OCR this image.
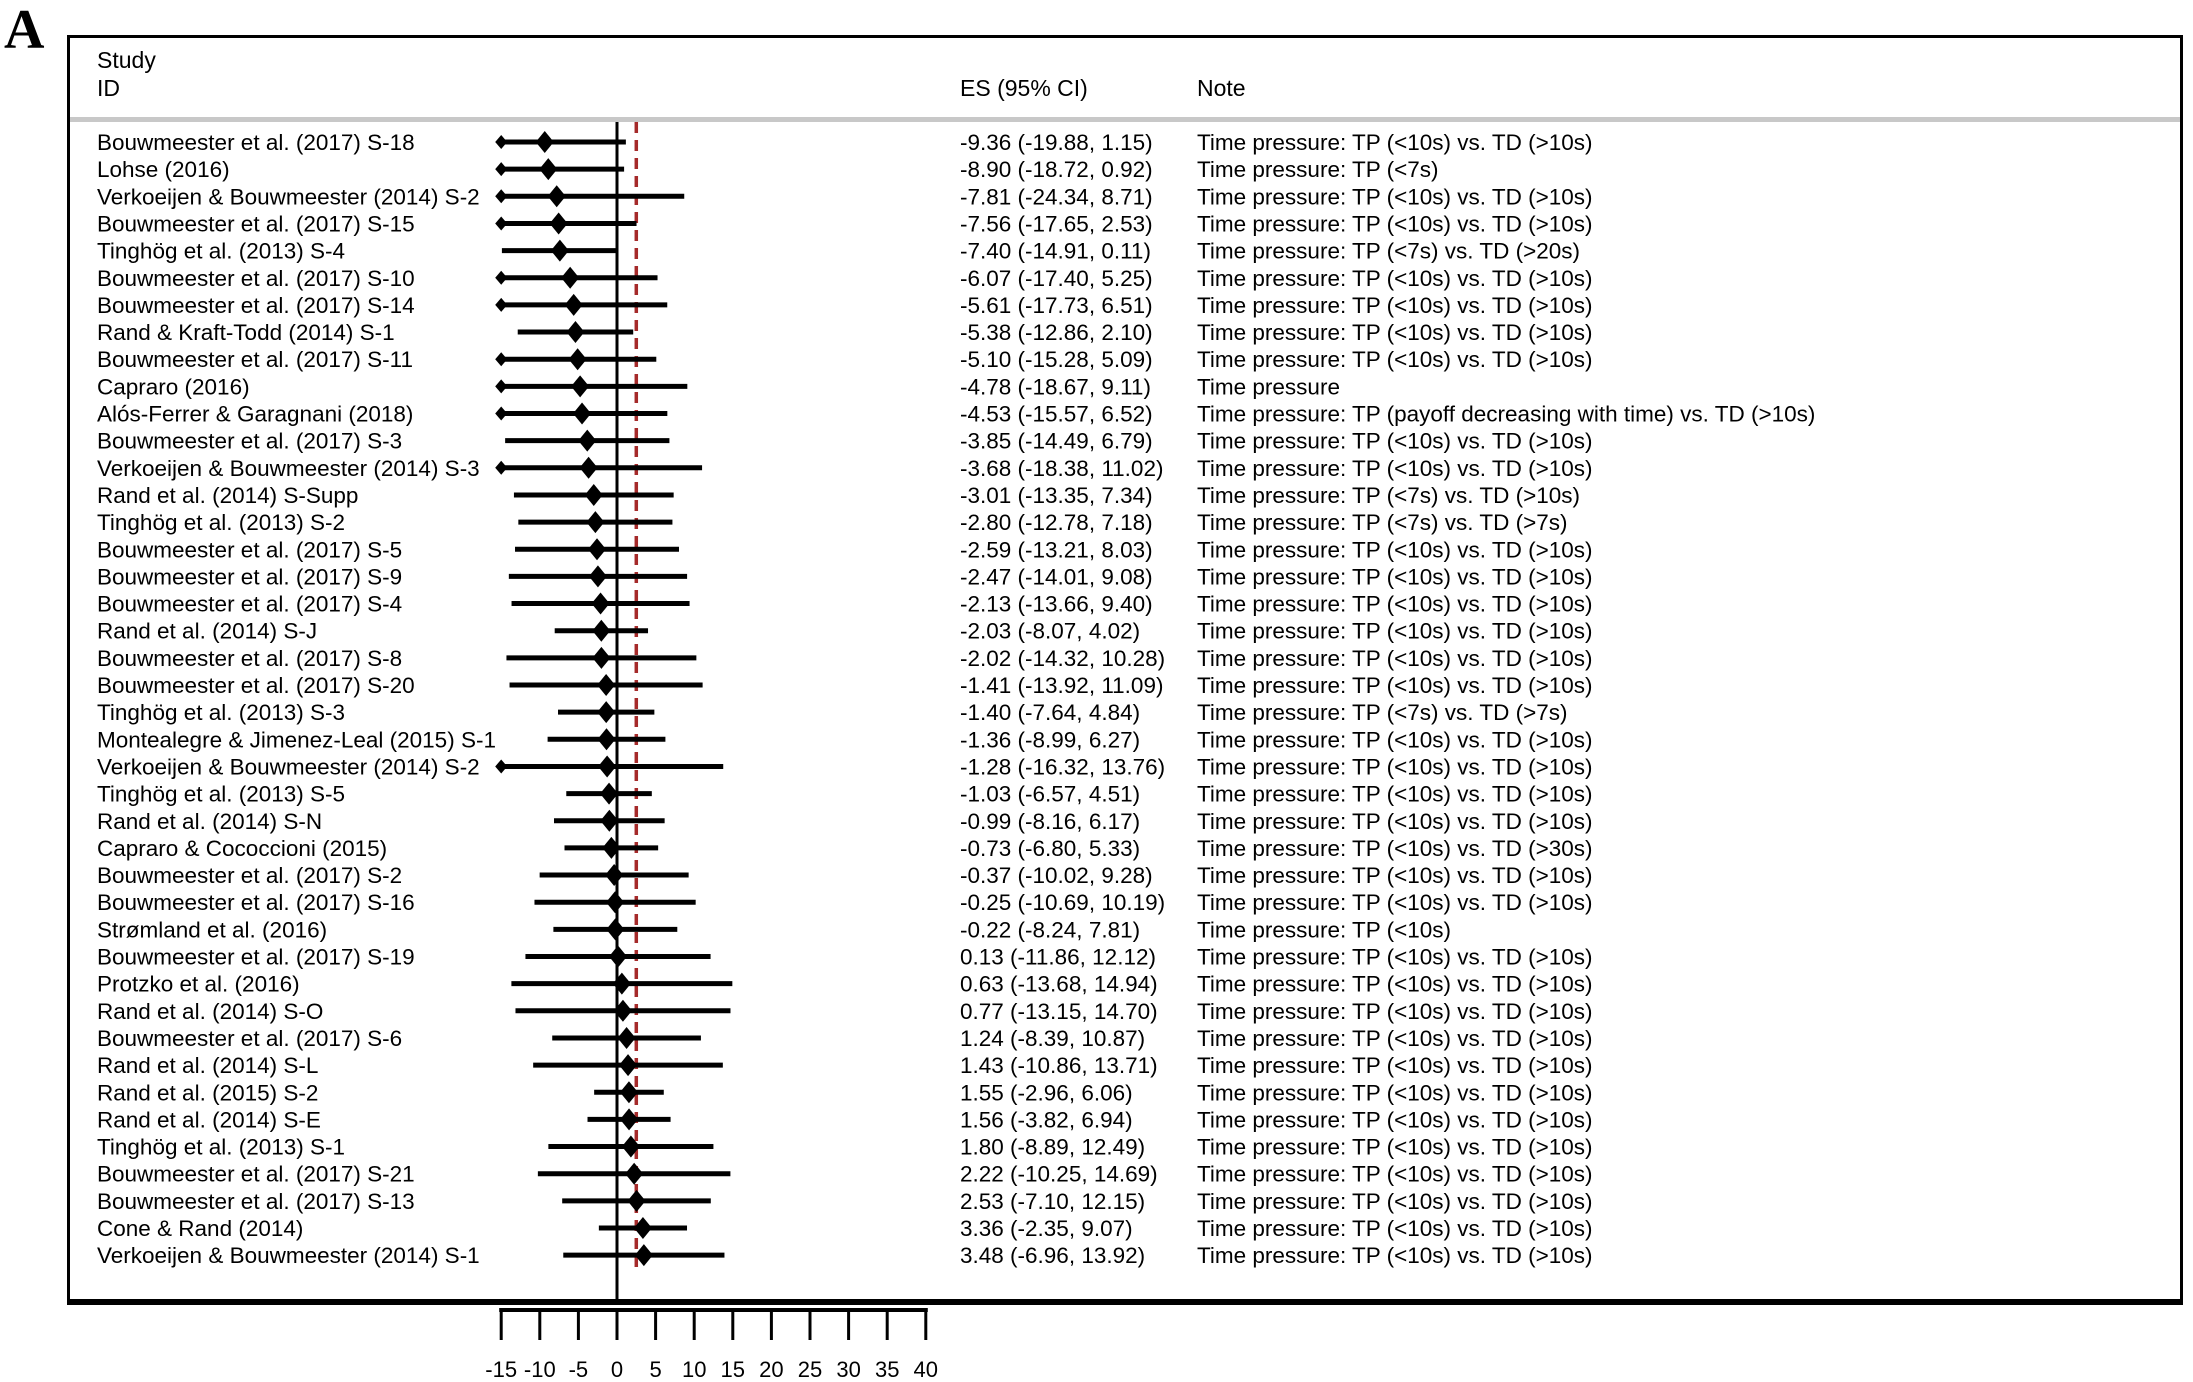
A Study
ID	ES (95% CI)	Note
Bouwmeester et al. (2017) S-18	-9.36 (-19.88, 1.15) Time pressure: TP (<10s) vs. TD (>10s)
Lohse (2016)	-8.90 (-18.72, 0.92) Time pressure: TP (<7s)
Verkoeijen & Bouwmeester (2014) S-2	-7.81 (-24.34, 8.71) Time pressure: TP (<10s) vs. TD (>10s)
Bouwmeester et al. (2017) S-15	-7.56 (-17.65, 2.53) Time pressure: TP (<10s) vs. TD (>10s)
Tinghög et al. (2013) S-4	-7.40 (-14.91, 0.11) Time pressure: TP (<7s) vs. TD (>20s)
Bouwmeester et al. (2017) S-10	-6.07 (-17.40, 5.25) Time pressure: TP (<10s) vs. TD (>10s)
Bouwmeester et al. (2017) S-14	-5.61 (-17.73, 6.51) Time pressure: TP (<10s) vs. TD (>10s)
Rand & Kraft-Todd (2014) S-1	-5.38 (-12.86, 2.10) Time pressure: TP (<10s) vs. TD (>10s)
Bouwmeester et al. (2017) S-11	-5.10 (-15.28, 5.09) Time pressure: TP (<10s) vs. TD (>10s)
Capraro (2016)	-4.78 (-18.67, 9.11) Time pressure
Alós-Ferrer & Garagnani (2018)	-4.53 (-15.57, 6.52) Time pressure: TP (payoff decreasing with time) vs. TD (>10s)
Bouwmeester et al. (2017) S-3	-3.85 (-14.49, 6.79) Time pressure: TP (<10s) vs. TD (>10s)
Verkoeijen & Bouwmeester (2014) S-3	-3.68 (-18.38, 11.02) Time pressure: TP (<10s) vs. TD (>10s)
Rand et al. (2014) S-Supp	-3.01 (-13.35, 7.34) Time pressure: TP (<7s) vs. TD (>10s)
Tinghög et al. (2013) S-2	-2.80 (-12.78, 7.18) Time pressure: TP (<7s) vs. TD (>7s)
Bouwmeester et al. (2017) S-5	-2.59 (-13.21, 8.03) Time pressure: TP (<10s) vs. TD (>10s)
Bouwmeester et al. (2017) S-9	-2.47 (-14.01, 9.08) Time pressure: TP (<10s) vs. TD (>10s)
Bouwmeester et al. (2017) S-4	-2.13 (-13.66, 9.40) Time pressure: TP (<10s) vs. TD (>10s)
Rand et al. (2014) S-J	-2.03 (-8.07, 4.02)	Time pressure: TP (<10s) vs. TD (>10s)
Bouwmeester et al. (2017) S-8	-2.02 (-14.32, 10.28) Time pressure: TP (<10s) vs. TD (>10s)
Bouwmeester et al. (2017) S-20	-1.41 (-13.92, 11.09) Time pressure: TP (<10s) vs. TD (>10s)
Tinghög et al. (2013) S-3	-1.40 (-7.64, 4.84)	Time pressure: TP (<7s) vs. TD (>7s)
Montealegre & Jimenez-Leal (2015) S-1	-1.36 (-8.99, 6.27)	Time pressure: TP (<10s) vs. TD (>10s)
Verkoeijen & Bouwmeester (2014) S-2	-1.28 (-16.32, 13.76) Time pressure: TP (<10s) vs. TD (>10s)
Tinghög et al. (2013) S-5	-1.03 (-6.57, 4.51)	Time pressure: TP (<10s) vs. TD (>10s)
Rand et al. (2014) S-N	-0.99 (-8.16, 6.17)	Time pressure: TP (<10s) vs. TD (>10s)
Capraro & Cococcioni (2015)	-0.73 (-6.80, 5.33)	Time pressure: TP (<10s) vs. TD (>30s)
Bouwmeester et al. (2017) S-2	-0.37 (-10.02, 9.28) Time pressure: TP (<10s) vs. TD (>10s)
Bouwmeester et al. (2017) S-16	-0.25 (-10.69, 10.19) Time pressure: TP (<10s) vs. TD (>10s)
Strømland et al. (2016)	-0.22 (-8.24, 7.81)	Time pressure: TP (<10s)
Bouwmeester et al. (2017) S-19	0.13 (-11.86, 12.12) Time pressure: TP (<10s) vs. TD (>10s)
Protzko et al. (2016)	0.63 (-13.68, 14.94) Time pressure: TP (<10s) vs. TD (>10s)
Rand et al. (2014) S-O	0.77 (-13.15, 14.70) Time pressure: TP (<10s) vs. TD (>10s)
Bouwmeester et al. (2017) S-6	1.24 (-8.39, 10.87) Time pressure: TP (<10s) vs. TD (>10s)
Rand et al. (2014) S-L	1.43 (-10.86, 13.71) Time pressure: TP (<10s) vs. TD (>10s)
Rand et al. (2015) S-2	1.55 (-2.96, 6.06)	Time pressure: TP (<10s) vs. TD (>10s)
Rand et al. (2014) S-E	1.56 (-3.82, 6.94)	Time pressure: TP (<10s) vs. TD (>10s)
Tinghög et al. (2013) S-1	1.80 (-8.89, 12.49) Time pressure: TP (<10s) vs. TD (>10s)
Bouwmeester et al. (2017) S-21	2.22 (-10.25, 14.69) Time pressure: TP (<10s) vs. TD (>10s)
Bouwmeester et al. (2017) S-13	2.53 (-7.10, 12.15) Time pressure: TP (<10s) vs. TD (>10s)
Cone & Rand (2014)	3.36 (-2.35, 9.07)	Time pressure: TP (<10s) vs. TD (>10s)
Verkoeijen & Bouwmeester (2014) S-1	3.48 (-6.96, 13.92) Time pressure: TP (<10s) vs. TD (>10s)
-15 -10 -5 0 5 10 15 20 25 30 35 40
